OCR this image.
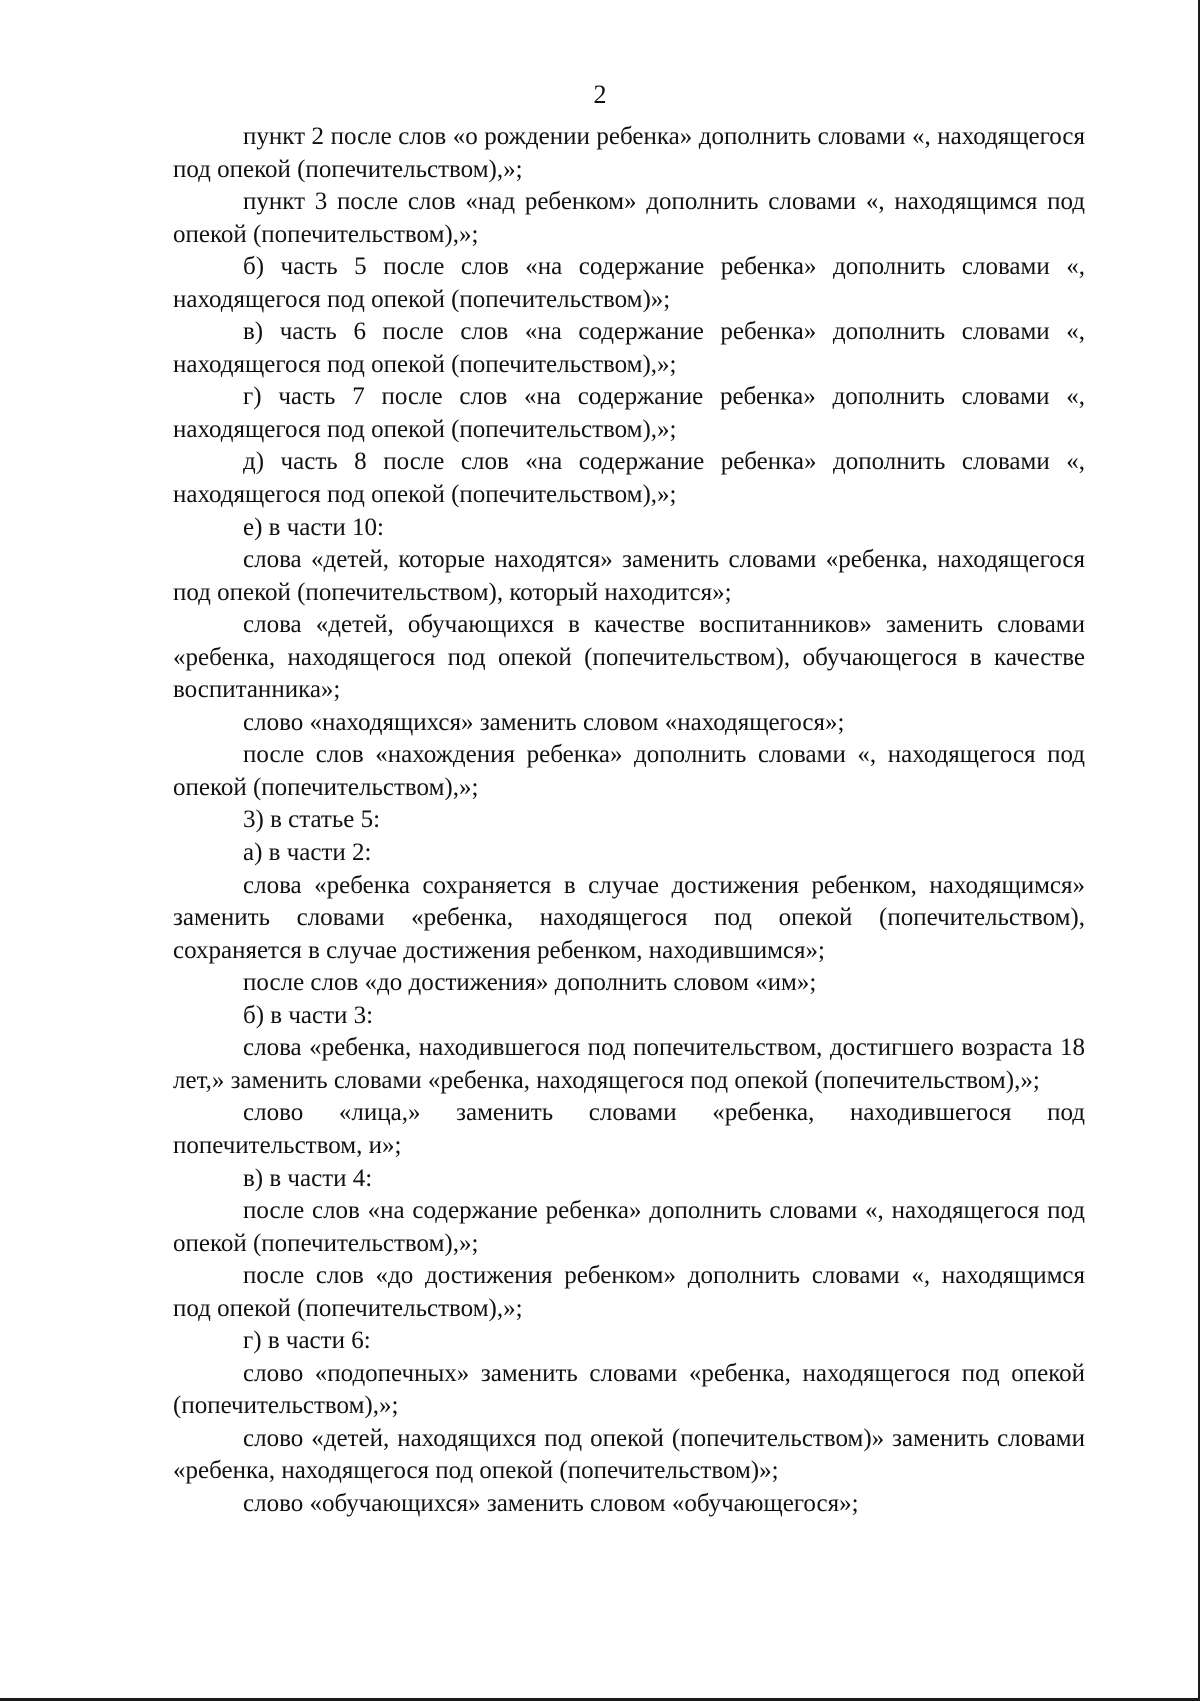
2

пункт 2 после слов «о рождении ребенка» дополнить словами «, находящегося под опекой (попечительством),»;

пункт 3 после слов «над ребенком» дополнить словами «, находящимся под опекой (попечительством),»;

б) часть 5 после слов «на содержание ребенка» дополнить словами «, находящегося под опекой (попечительством)»;

в) часть 6 после слов «на содержание ребенка» дополнить словами «, находящегося под опекой (попечительством),»;

г) часть 7 после слов «на содержание ребенка» дополнить словами «, находящегося под опекой (попечительством),»;

д) часть 8 после слов «на содержание ребенка» дополнить словами «, находящегося под опекой (попечительством),»;

е) в части 10:

слова «детей, которые находятся» заменить словами «ребенка, находящегося под опекой (попечительством), который находится»;

слова «детей, обучающихся в качестве воспитанников» заменить словами «ребенка, находящегося под опекой (попечительством), обучающегося в качестве воспитанника»;

слово «находящихся» заменить словом «находящегося»;

после слов «нахождения ребенка» дополнить словами «, находящегося под опекой (попечительством),»;

3) в статье 5:

а) в части 2:

слова «ребенка сохраняется в случае достижения ребенком, находящимся» заменить словами «ребенка, находящегося под опекой (попечительством), сохраняется в случае достижения ребенком, находившимся»;

после слов «до достижения» дополнить словом «им»;

б) в части 3:

слова «ребенка, находившегося под попечительством, достигшего возраста 18 лет,» заменить словами «ребенка, находящегося под опекой (попечительством),»;

слово «лица,» заменить словами «ребенка, находившегося под попечительством, и»;

в) в части 4:

после слов «на содержание ребенка» дополнить словами «, находящегося под опекой (попечительством),»;

после слов «до достижения ребенком» дополнить словами «, находящимся под опекой (попечительством),»;

г) в части 6:

слово «подопечных» заменить словами «ребенка, находящегося под опекой (попечительством),»;

слово «детей, находящихся под опекой (попечительством)» заменить словами «ребенка, находящегося под опекой (попечительством)»;

слово «обучающихся» заменить словом «обучающегося»;
